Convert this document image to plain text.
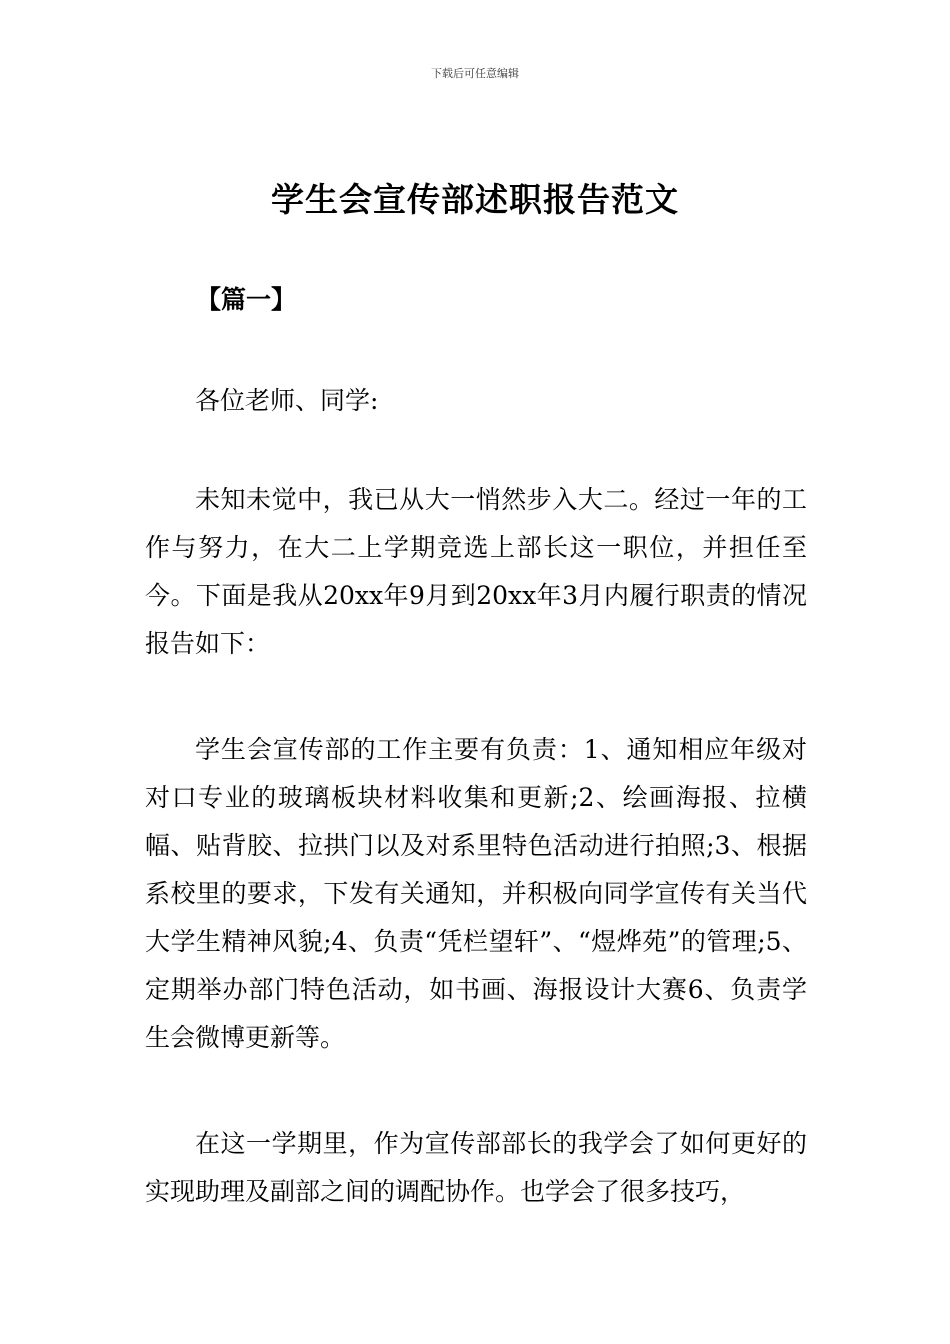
下载后可任意编辑
学生会宣传部述职报告范文
【篇一】

各位老师、同学:

未知未觉中，我已从大一悄然步入大二。经过一年的工作与努力，在大二上学期竞选上部长这一职位，并担任至今。下面是我从20xx年9月到20xx年3月内履行职责的情况报告如下：

学生会宣传部的工作主要有负责：1、通知相应年级对对口专业的玻璃板块材料收集和更新;2、绘画海报、拉横幅、贴背胶、拉拱门以及对系里特色活动进行拍照;3、根据系校里的要求，下发有关通知，并积极向同学宣传有关当代大学生精神风貌;4、负责“凭栏望轩”、“煜烨苑”的管理;5、定期举办部门特色活动，如书画、海报设计大赛6、负责学生会微博更新等。

在这一学期里，作为宣传部部长的我学会了如何更好的实现助理及副部之间的调配协作。也学会了很多技巧，
